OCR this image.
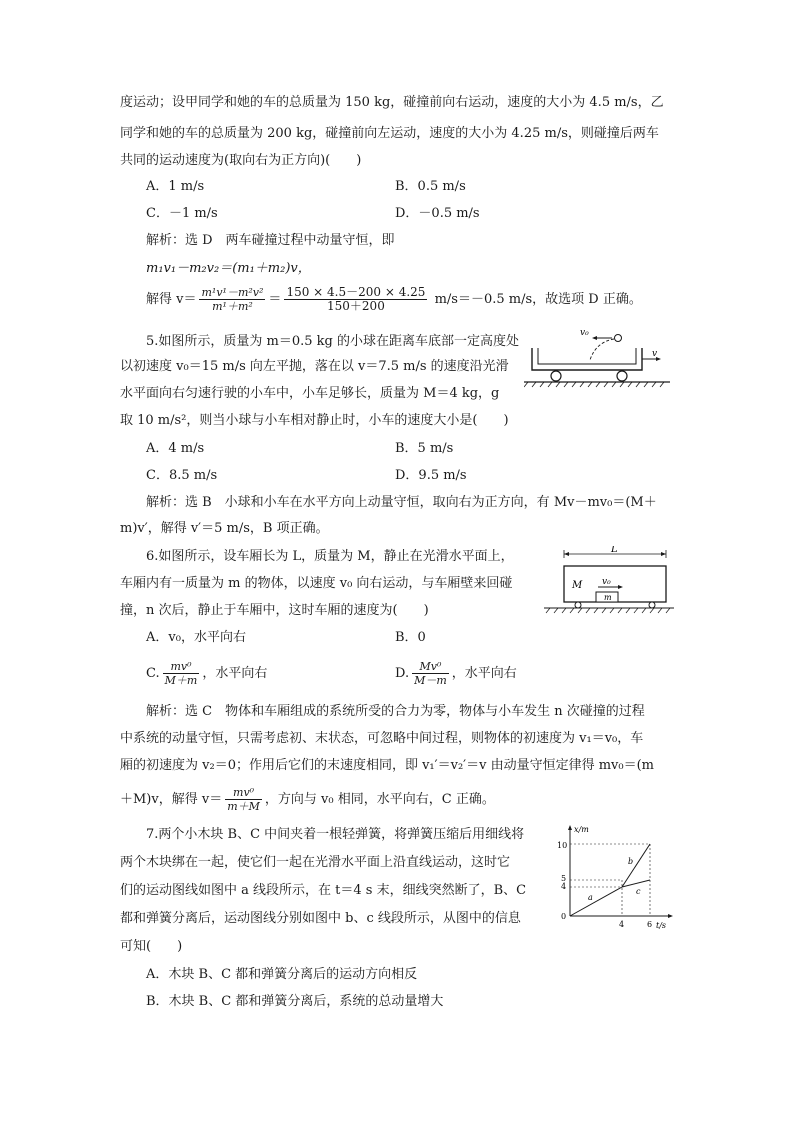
度运动；设甲同学和她的车的总质量为 150 kg，碰撞前向右运动，速度的大小为 4.5 m/s，乙
同学和她的车的总质量为 200 kg，碰撞前向左运动，速度的大小为 4.25 m/s，则碰撞后两车
共同的运动速度为(取向右为正方向)(　　)
A．1 m/s	B．0.5 m/s
C．－1 m/s	D．－0.5 m/s
解析：选 D　两车碰撞过程中动量守恒，即
m₁v₁－m₂v₂＝(m₁＋m₂)v，
解得 $v= \frac{\text{m¹v¹－m²v²}}{\text{m¹＋m²}} = \frac{150 \times 4.5-200 \times 4.25}{150+200} m/s=-0.5$ m/s，故选项 D 正确。
5.如图所示，质量为 m＝0.5 kg 的小球在距离车底部一定高度处
以初速度 v₀＝15 m/s 向左平抛，落在以 v＝7.5 m/s 的速度沿光滑
水平面向右匀速行驶的小车中，小车足够长，质量为 M＝4 kg，g
取 10 m/s²，则当小球与小车相对静止时，小车的速度大小是(　　)
A．4 m/s	B．5 m/s
C．8.5 m/s	D．9.5 m/s
解析：选 B　小球和小车在水平方向上动量守恒，取向右为正方向，有 Mv－mv₀＝(M＋
m)v′，解得 v′＝5 m/s，B 项正确。
v₀
v
6.如图所示，设车厢长为 L，质量为 M，静止在光滑水平面上，
车厢内有一质量为 m 的物体，以速度 v₀ 向右运动，与车厢壁来回碰
撞，n 次后，静止于车厢中，这时车厢的速度为(　　)
A．v₀，水平向右	B．0
C. $\frac{\text{mv⁰}}{M+m}$ ，水平向右	D. $\frac{\text{Mv⁰}}{M-m}$ ，水平向右
解析：选 C　物体和车厢组成的系统所受的合力为零，物体与小车发生 n 次碰撞的过程
中系统的动量守恒，只需考虑初、末状态，可忽略中间过程，则物体的初速度为 v₁＝v₀，车
厢的初速度为 v₂＝0；作用后它们的末速度相同，即 v₁′＝v₂′＝v 由动量守恒定律得 mv₀＝(m
＋M)v，解得 $v= \frac{\text{mv⁰}}{m+M}$ ，方向与 v₀ 相同，水平向右，C 正确。
L
M
m
v₀
7.两个小木块 B、C 中间夹着一根轻弹簧，将弹簧压缩后用细线将
两个木块绑在一起，使它们一起在光滑水平面上沿直线运动，这时它
们的运动图线如图中 a 线段所示，在 t＝4 s 末，细线突然断了，B、C
都和弹簧分离后，运动图线分别如图中 b、c 线段所示，从图中的信息
可知(　　)
A．木块 B、C 都和弹簧分离后的运动方向相反
B．木块 B、C 都和弹簧分离后，系统的总动量增大
x/m
t/s
10
5
4
0
4	6
a
b
c
